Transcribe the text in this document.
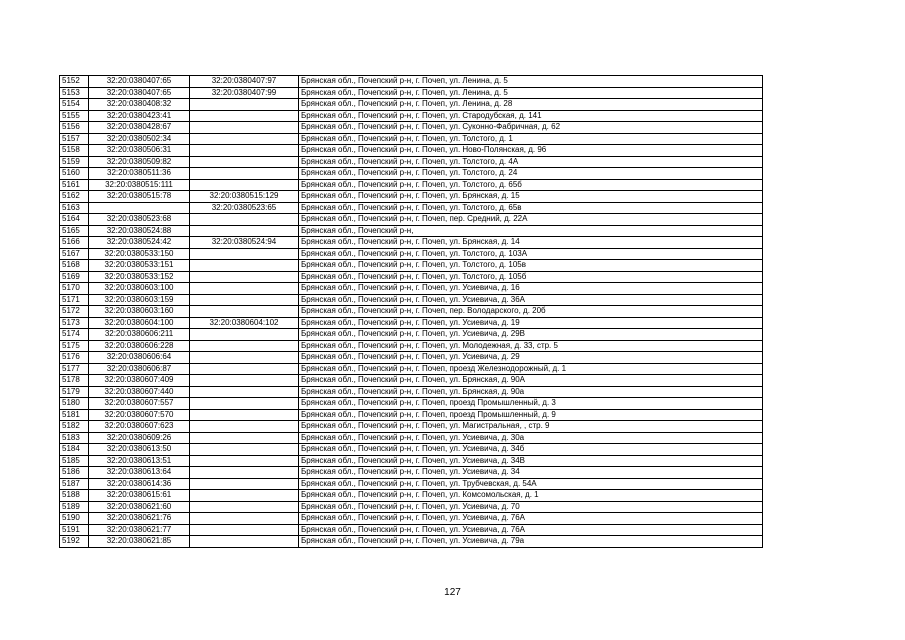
5152	32:20:0380407:65	32:20:0380407:97	Брянская обл., Почепский р-н, г. Почеп, ул. Ленина, д. 5
5153	32:20:0380407:65	32:20:0380407:99	Брянская обл., Почепский р-н, г. Почеп, ул. Ленина, д. 5
5154	32:20:0380408:32		Брянская обл., Почепский р-н, г. Почеп, ул. Ленина, д. 28
5155	32:20:0380423:41		Брянская обл., Почепский р-н, г. Почеп, ул. Стародубская, д. 141
5156	32:20:0380428:67		Брянская обл., Почепский р-н, г. Почеп, ул. Суконно-Фабричная, д. 62
5157	32:20:0380502:34		Брянская обл., Почепский р-н, г. Почеп, ул. Толстого, д. 1
5158	32:20:0380506:31		Брянская обл., Почепский р-н, г. Почеп, ул. Ново-Полянская, д. 96
5159	32:20:0380509:82		Брянская обл., Почепский р-н, г. Почеп, ул. Толстого, д. 4А
5160	32:20:0380511:36		Брянская обл., Почепский р-н, г. Почеп, ул. Толстого, д. 24
5161	32:20:0380515:111		Брянская обл., Почепский р-н, г. Почеп, ул. Толстого, д. 65б
5162	32:20:0380515:78	32:20:0380515:129	Брянская обл., Почепский р-н, г. Почеп, ул. Брянская, д. 15
5163		32:20:0380523:65	Брянская обл., Почепский р-н, г. Почеп, ул. Толстого, д. 65в
5164	32:20:0380523:68		Брянская обл., Почепский р-н, г. Почеп, пер. Средний, д. 22А
5165	32:20:0380524:88		Брянская обл., Почепский р-н,
5166	32:20:0380524:42	32:20:0380524:94	Брянская обл., Почепский р-н, г. Почеп, ул. Брянская, д. 14
5167	32:20:0380533:150		Брянская обл., Почепский р-н, г. Почеп, ул. Толстого, д. 103А
5168	32:20:0380533:151		Брянская обл., Почепский р-н, г. Почеп, ул. Толстого, д. 105в
5169	32:20:0380533:152		Брянская обл., Почепский р-н, г. Почеп, ул. Толстого, д. 105б
5170	32:20:0380603:100		Брянская обл., Почепский р-н, г. Почеп, ул. Усиевича, д. 16
5171	32:20:0380603:159		Брянская обл., Почепский р-н, г. Почеп, ул. Усиевича, д. 36А
5172	32:20:0380603:160		Брянская обл., Почепский р-н, г. Почеп, пер. Володарского, д. 20б
5173	32:20:0380604:100	32:20:0380604:102	Брянская обл., Почепский р-н, г. Почеп, ул. Усиевича, д. 19
5174	32:20:0380606:211		Брянская обл., Почепский р-н, г. Почеп, ул. Усиевича, д. 29В
5175	32:20:0380606:228		Брянская обл., Почепский р-н, г. Почеп, ул. Молодежная, д. 33, стр. 5
5176	32:20:0380606:64		Брянская обл., Почепский р-н, г. Почеп, ул. Усиевича, д. 29
5177	32:20:0380606:87		Брянская обл., Почепский р-н, г. Почеп, проезд Железнодорожный, д. 1
5178	32:20:0380607:409		Брянская обл., Почепский р-н, г. Почеп, ул. Брянская, д. 90А
5179	32:20:0380607:440		Брянская обл., Почепский р-н, г. Почеп, ул. Брянская, д. 90а
5180	32:20:0380607:557		Брянская обл., Почепский р-н, г. Почеп, проезд Промышленный, д. 3
5181	32:20:0380607:570		Брянская обл., Почепский р-н, г. Почеп, проезд Промышленный, д. 9
5182	32:20:0380607:623		Брянская обл., Почепский р-н, г. Почеп, ул. Магистральная, , стр. 9
5183	32:20:0380609:26		Брянская обл., Почепский р-н, г. Почеп, ул. Усиевича, д. 30а
5184	32:20:0380613:50		Брянская обл., Почепский р-н, г. Почеп, ул. Усиевича, д. 34б
5185	32:20:0380613:51		Брянская обл., Почепский р-н, г. Почеп, ул. Усиевича, д. 34В
5186	32:20:0380613:64		Брянская обл., Почепский р-н, г. Почеп, ул. Усиевича, д. 34
5187	32:20:0380614:36		Брянская обл., Почепский р-н, г. Почеп, ул. Трубчевская, д. 54А
5188	32:20:0380615:61		Брянская обл., Почепский р-н, г. Почеп, ул. Комсомольская, д. 1
5189	32:20:0380621:60		Брянская обл., Почепский р-н, г. Почеп, ул. Усиевича, д. 70
5190	32:20:0380621:76		Брянская обл., Почепский р-н, г. Почеп, ул. Усиевича, д. 76А
5191	32:20:0380621:77		Брянская обл., Почепский р-н, г. Почеп, ул. Усиевича, д. 76А
5192	32:20:0380621:85		Брянская обл., Почепский р-н, г. Почеп, ул. Усиевича, д. 79а
127
